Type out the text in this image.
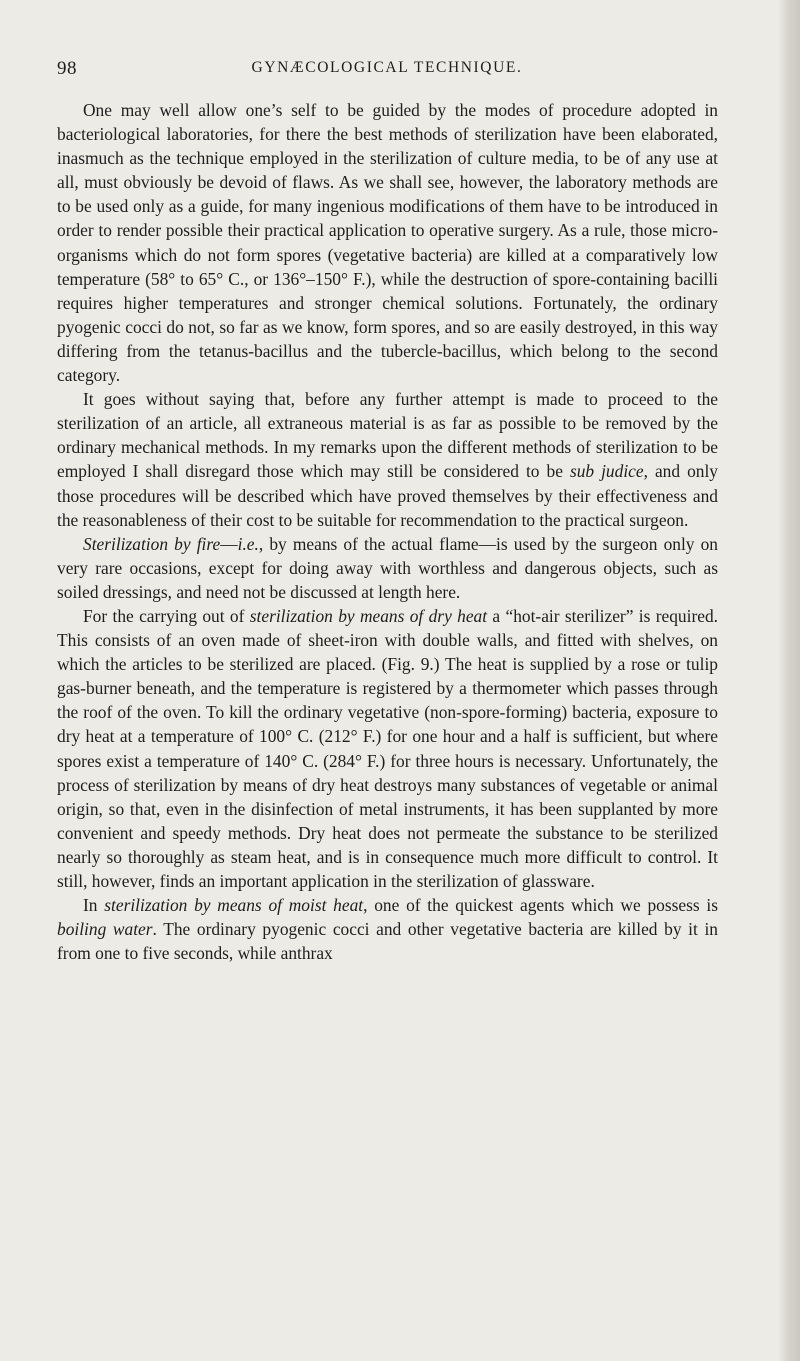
98	GYNÆCOLOGICAL TECHNIQUE.

One may well allow one’s self to be guided by the modes of procedure adopted in bacteriological laboratories, for there the best methods of sterilization have been elaborated, inasmuch as the technique employed in the sterilization of culture media, to be of any use at all, must obviously be devoid of flaws. As we shall see, however, the laboratory methods are to be used only as a guide, for many ingenious modifications of them have to be introduced in order to render possible their practical application to operative surgery. As a rule, those micro-organisms which do not form spores (vegetative bacteria) are killed at a comparatively low temperature (58° to 65° C., or 136°–150° F.), while the destruction of spore-containing bacilli requires higher temperatures and stronger chemical solutions. Fortunately, the ordinary pyogenic cocci do not, so far as we know, form spores, and so are easily destroyed, in this way differing from the tetanus-bacillus and the tubercle-bacillus, which belong to the second category.

It goes without saying that, before any further attempt is made to proceed to the sterilization of an article, all extraneous material is as far as possible to be removed by the ordinary mechanical methods. In my remarks upon the different methods of sterilization to be employed I shall disregard those which may still be considered to be sub judice, and only those procedures will be described which have proved themselves by their effectiveness and the reasonableness of their cost to be suitable for recommendation to the practical surgeon.

Sterilization by fire—i.e., by means of the actual flame—is used by the surgeon only on very rare occasions, except for doing away with worthless and dangerous objects, such as soiled dressings, and need not be discussed at length here.

For the carrying out of sterilization by means of dry heat a “hot-air sterilizer” is required. This consists of an oven made of sheet-iron with double walls, and fitted with shelves, on which the articles to be sterilized are placed. (Fig. 9.) The heat is supplied by a rose or tulip gas-burner beneath, and the temperature is registered by a thermometer which passes through the roof of the oven. To kill the ordinary vegetative (non-spore-forming) bacteria, exposure to dry heat at a temperature of 100° C. (212° F.) for one hour and a half is sufficient, but where spores exist a temperature of 140° C. (284° F.) for three hours is necessary. Unfortunately, the process of sterilization by means of dry heat destroys many substances of vegetable or animal origin, so that, even in the disinfection of metal instruments, it has been supplanted by more convenient and speedy methods. Dry heat does not permeate the substance to be sterilized nearly so thoroughly as steam heat, and is in consequence much more difficult to control. It still, however, finds an important application in the sterilization of glassware.

In sterilization by means of moist heat, one of the quickest agents which we possess is boiling water. The ordinary pyogenic cocci and other vegetative bacteria are killed by it in from one to five seconds, while anthrax
